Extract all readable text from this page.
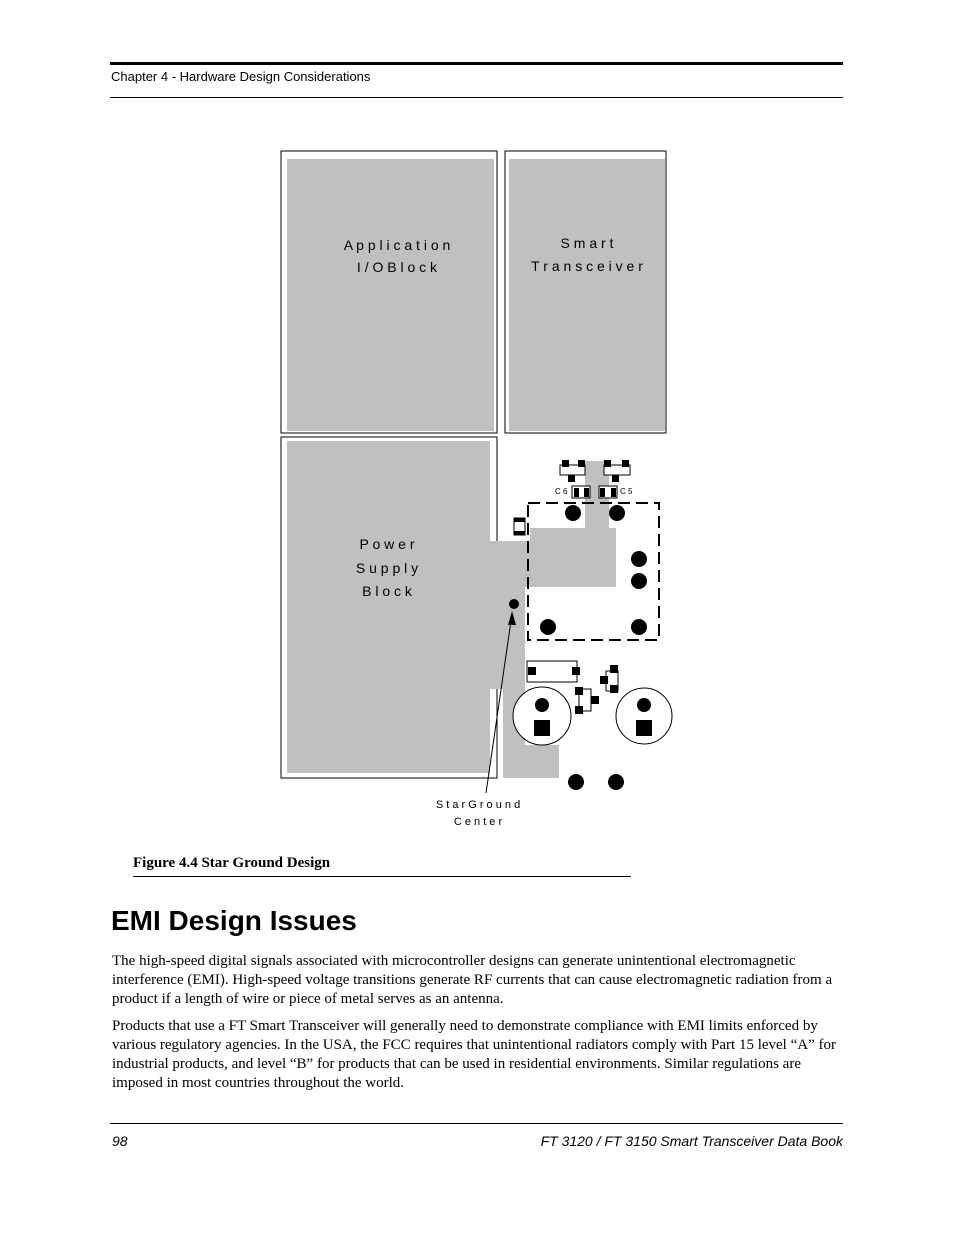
Chapter 4 - Hardware Design Considerations
A p p l i c a t i o n
I / O B l o c k
S m a r t
T r a n s c e i v e r
P o w e r
S u p p l y
B l o c k
C 6	C 5
S t a r G r o u n d
C e n t e r
Figure 4.4 Star Ground Design
EMI Design Issues

The high-speed digital signals associated with microcontroller designs can generate unintentional electromagnetic interference (EMI). High-speed voltage transitions generate RF currents that can cause electromagnetic radiation from a product if a length of wire or piece of metal serves as an antenna.

Products that use a FT Smart Transceiver will generally need to demonstrate compliance with EMI limits enforced by various regulatory agencies. In the USA, the FCC requires that unintentional radiators comply with Part 15 level “A” for industrial products, and level “B” for products that can be used in residential environments. Similar regulations are imposed in most countries throughout the world.

98	FT 3120 / FT 3150 Smart Transceiver Data Book
